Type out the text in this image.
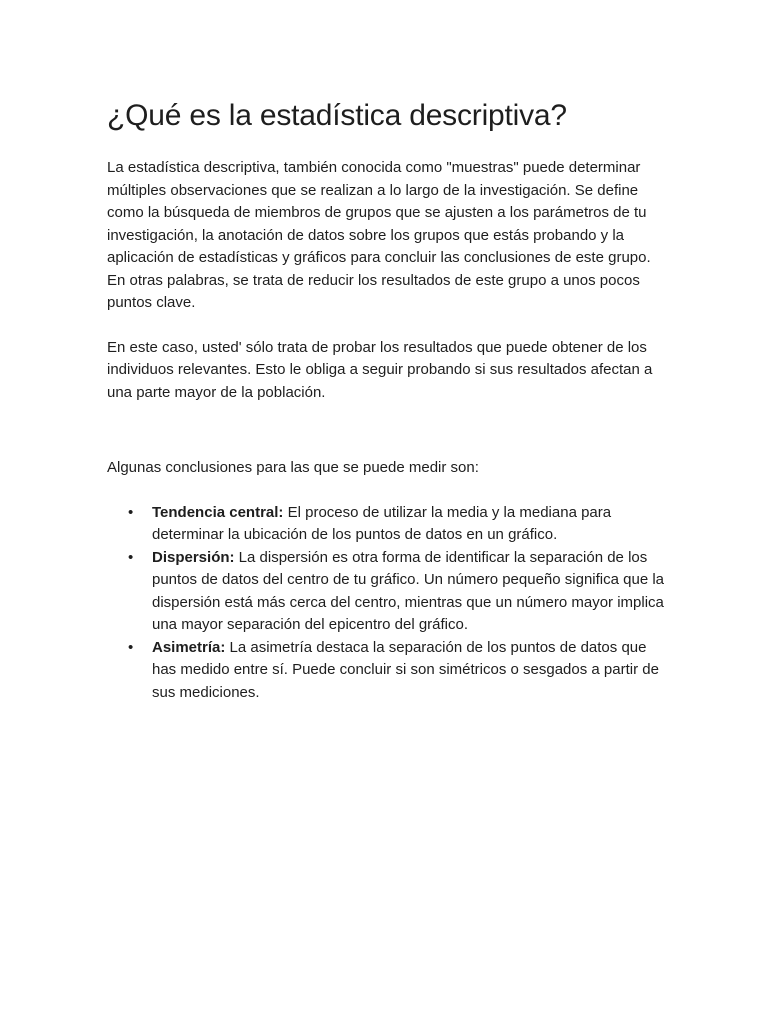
¿Qué es la estadística descriptiva?

La estadística descriptiva, también conocida como "muestras" puede determinar múltiples observaciones que se realizan a lo largo de la investigación. Se define como la búsqueda de miembros de grupos que se ajusten a los parámetros de tu investigación, la anotación de datos sobre los grupos que estás probando y la aplicación de estadísticas y gráficos para concluir las conclusiones de este grupo. En otras palabras, se trata de reducir los resultados de este grupo a unos pocos puntos clave.

En este caso, usted' sólo trata de probar los resultados que puede obtener de los individuos relevantes. Esto le obliga a seguir probando si sus resultados afectan a una parte mayor de la población.

Algunas conclusiones para las que se puede medir son:

• Tendencia central: El proceso de utilizar la media y la mediana para determinar la ubicación de los puntos de datos en un gráfico.
• Dispersión: La dispersión es otra forma de identificar la separación de los puntos de datos del centro de tu gráfico. Un número pequeño significa que la dispersión está más cerca del centro, mientras que un número mayor implica una mayor separación del epicentro del gráfico.
• Asimetría: La asimetría destaca la separación de los puntos de datos que has medido entre sí. Puede concluir si son simétricos o sesgados a partir de sus mediciones.
